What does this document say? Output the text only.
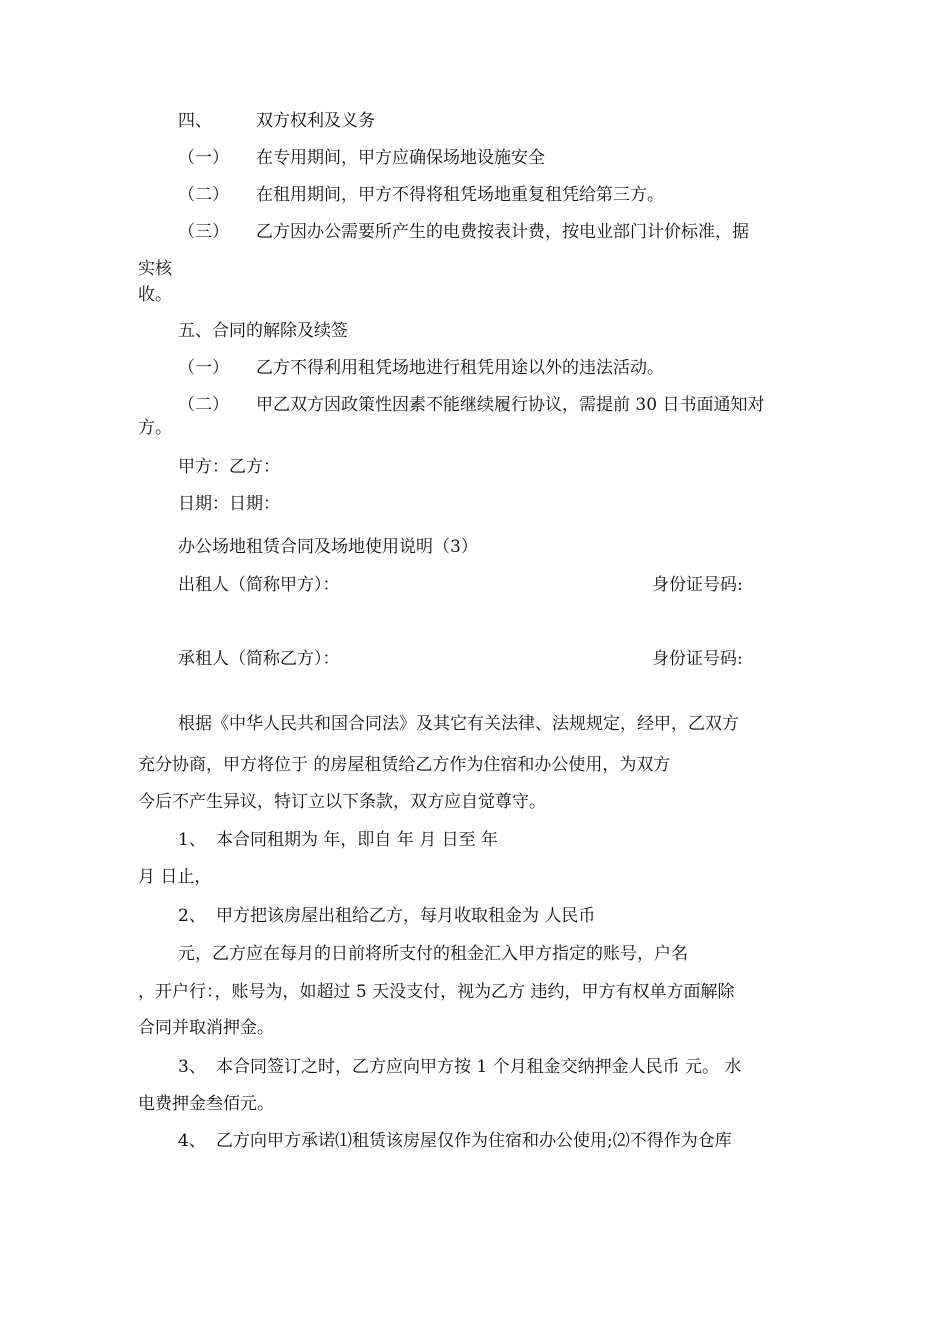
四、	双方权利及义务
（一） 在专用期间，甲方应确保场地设施安全
（二） 在租用期间，甲方不得将租凭场地重复租凭给第三方。
（三） 乙方因办公需要所产生的电费按表计费，按电业部门计价标准，据
实核
收。
五、合同的解除及续签
（一） 乙方不得利用租凭场地进行租凭用途以外的违法活动。
（二） 甲乙双方因政策性因素不能继续履行协议，需提前 30 日书面通知对
方。
甲方：乙方：
日期：日期：
办公场地租赁合同及场地使用说明（3）
出租人（简称甲方）：	身份证号码:
承租人（简称乙方）：	身份证号码:
根据《中华人民共和国合同法》及其它有关法律、法规规定，经甲，乙双方
充分协商，甲方将位于 的房屋租赁给乙方作为住宿和办公使用，为双方
今后不产生异议，特订立以下条款，双方应自觉尊守。
1、 本合同租期为 年，即自 年 月 日至 年
月 日止，
2、 甲方把该房屋出租给乙方，每月收取租金为 人民币
元，乙方应在每月的日前将所支付的租金汇入甲方指定的账号，户名
，开户行：，账号为，如超过 5 天没支付，视为乙方 违约，甲方有权单方面解除
合同并取消押金。
3、 本合同签订之时，乙方应向甲方按 1 个月租金交纳押金人民币 元。 水
电费押金叁佰元。
4、 乙方向甲方承诺⑴租赁该房屋仅作为住宿和办公使用;⑵不得作为仓库
